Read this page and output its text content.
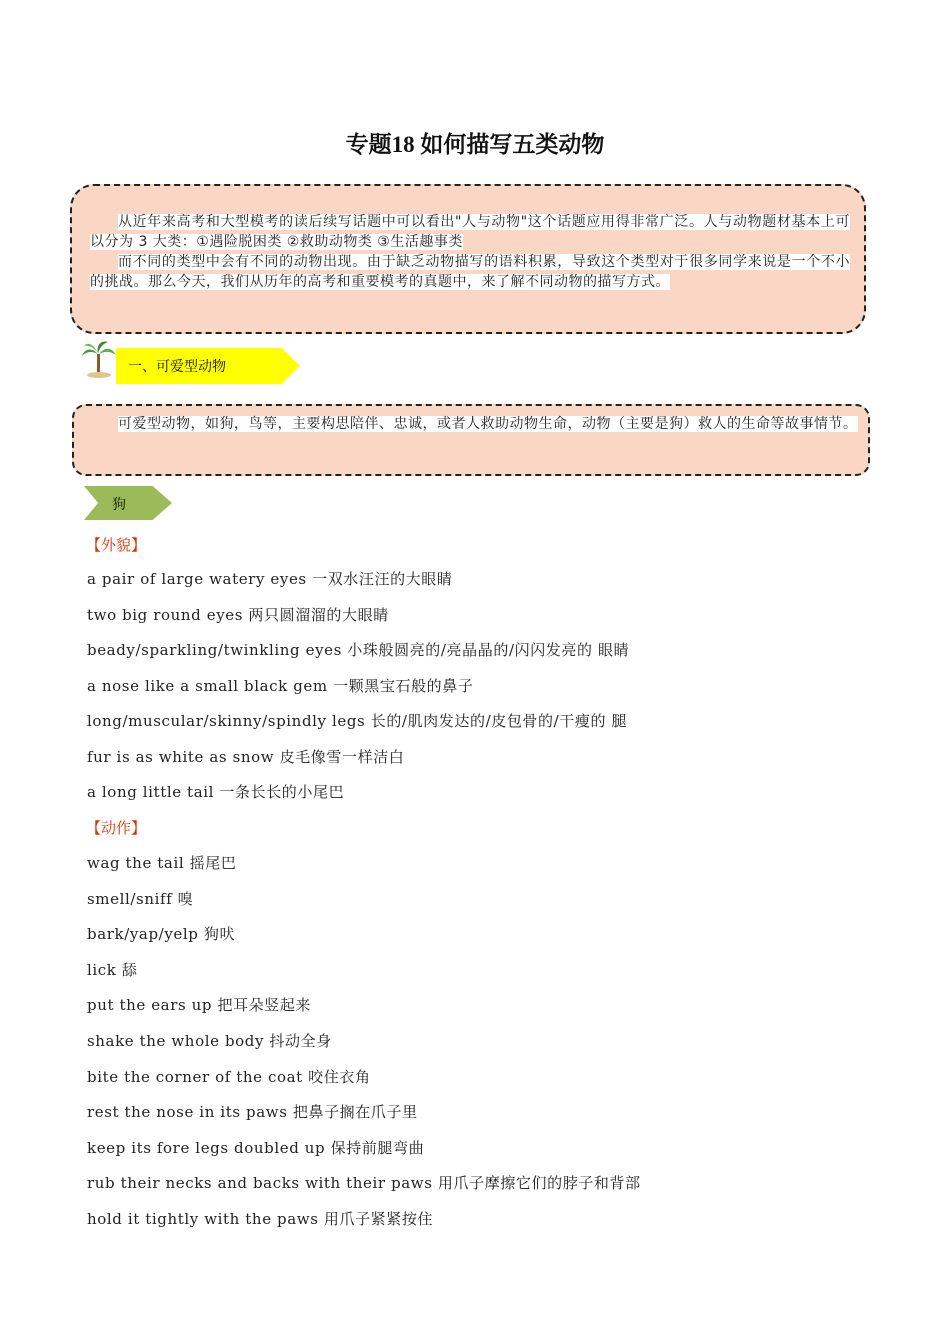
专题18 如何描写五类动物

从近年来高考和大型模考的读后续写话题中可以看出"人与动物"这个话题应用得非常广泛。人与动物题材基本上可以分为 3 大类：①遇险脱困类 ②救助动物类 ③生活趣事类

而不同的类型中会有不同的动物出现。由于缺乏动物描写的语料积累，导致这个类型对于很多同学来说是一个不小的挑战。那么今天，我们从历年的高考和重要模考的真题中，来了解不同动物的描写方式。

一、可爱型动物

可爱型动物，如狗，鸟等，主要构思陪伴、忠诚，或者人救助动物生命，动物（主要是狗）救人的生命等故事情节。

狗
【外貌】
a pair of large watery eyes 一双水汪汪的大眼睛
two big round eyes 两只圆溜溜的大眼睛
beady/sparkling/twinkling eyes 小珠般圆亮的/亮晶晶的/闪闪发亮的 眼睛
a nose like a small black gem 一颗黑宝石般的鼻子
long/muscular/skinny/spindly legs 长的/肌肉发达的/皮包骨的/干瘦的 腿
fur is as white as snow 皮毛像雪一样洁白
a long little tail 一条长长的小尾巴
【动作】
wag the tail 摇尾巴
smell/sniff 嗅
bark/yap/yelp 狗吠
lick 舔
put the ears up 把耳朵竖起来
shake the whole body 抖动全身
bite the corner of the coat 咬住衣角
rest the nose in its paws 把鼻子搁在爪子里
keep its fore legs doubled up 保持前腿弯曲
rub their necks and backs with their paws 用爪子摩擦它们的脖子和背部
hold it tightly with the paws 用爪子紧紧按住
